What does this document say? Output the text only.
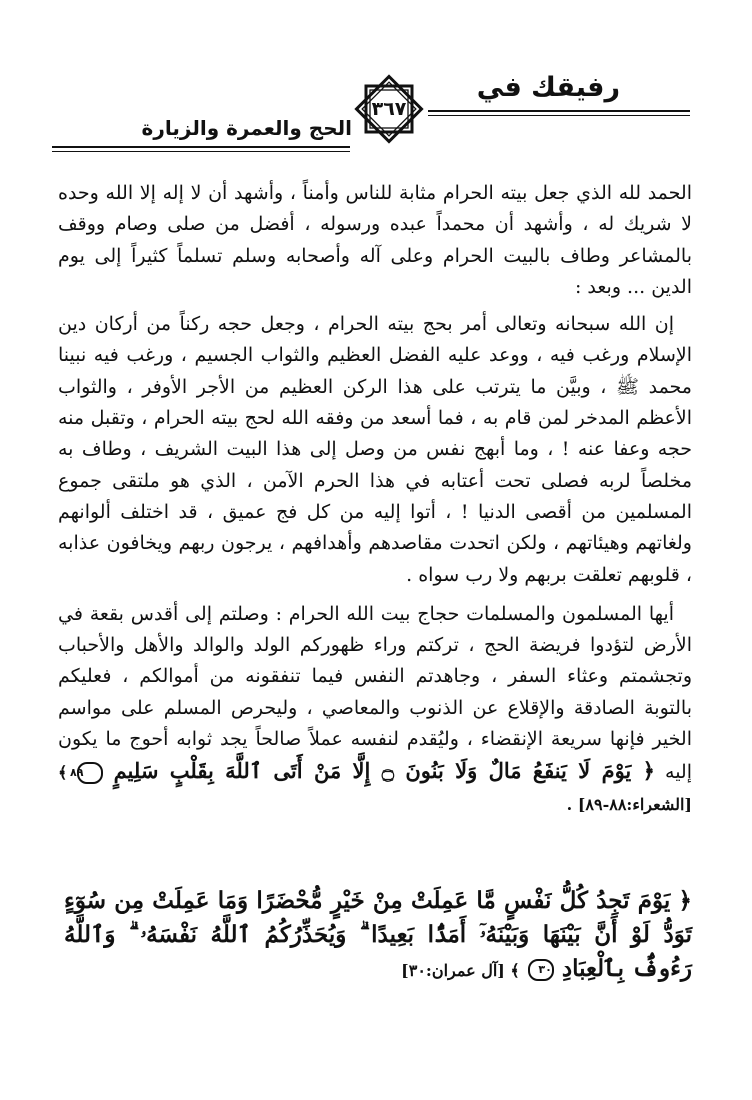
رفيقك في
الحج والعمرة والزيارة
٣٦٧

الحمد لله الذي جعل بيته الحرام مثابة للناس وأمناً ، وأشهد أن لا إله إلا الله وحده لا شريك له ، وأشهد أن محمداً عبده ورسوله ، أفضل من صلى وصام ووقف بالمشاعر وطاف بالبيت الحرام وعلى آله وأصحابه وسلم تسلماً كثيراً إلى يوم الدين ... وبعد :

إن الله سبحانه وتعالى أمر بحج بيته الحرام ، وجعل حجه ركناً من أركان دين الإسلام ورغب فيه ، ووعد عليه الفضل العظيم والثواب الجسيم ، ورغب فيه نبينا محمد ﷺ ، وبيَّن ما يترتب على هذا الركن العظيم من الأجر الأوفر ، والثواب الأعظم المدخر لمن قام به ، فما أسعد من وفقه الله لحج بيته الحرام ، وتقبل منه حجه وعفا عنه ! ، وما أبهج نفس من وصل إلى هذا البيت الشريف ، وطاف به مخلصاً لربه فصلى تحت أعتابه في هذا الحرم الآمن ، الذي هو ملتقى جموع المسلمين من أقصى الدنيا ! ، أتوا إليه من كل فج عميق ، قد اختلف ألوانهم ولغاتهم وهيئاتهم ، ولكن اتحدت مقاصدهم وأهدافهم ، يرجون ربهم ويخافون عذابه ، قلوبهم تعلقت بربهم ولا رب سواه .

أيها المسلمون والمسلمات حجاج بيت الله الحرام : وصلتم إلى أقدس بقعة في الأرض لتؤدوا فريضة الحج ، تركتم وراء ظهوركم الولد والوالد والأهل والأحباب وتجشمتم وعثاء السفر ، وجاهدتم النفس فيما تنفقونه من أموالكم ، فعليكم بالتوبة الصادقة والإقلاع عن الذنوب والمعاصي ، وليحرص المسلم على مواسم الخير فإنها سريعة الإنقضاء ، وليُقدم لنفسه عملاً صالحاً يجد ثوابه أحوج ما يكون إليه ﴿ يَوْمَ لَا يَنفَعُ مَالٌ وَلَا بَنُونَ ۝ إِلَّا مَنْ أَتَى ٱللَّهَ بِقَلْبٍ سَلِيمٍ ٨٩ ﴾ [الشعراء:٨٨-٨٩] .

﴿ يَوْمَ تَجِدُ كُلُّ نَفْسٍ مَّا عَمِلَتْ مِنْ خَيْرٍ مُّحْضَرًا وَمَا عَمِلَتْ مِن سُوٓءٍ تَوَدُّ لَوْ أَنَّ بَيْنَهَا وَبَيْنَهُۥٓ أَمَدًۢا بَعِيدًا ۗ وَيُحَذِّرُكُمُ ٱللَّهُ نَفْسَهُۥ ۗ وَٱللَّهُ رَءُوفٌۢ بِٱلْعِبَادِ ٣٠ ﴾ [آل عمران:٣٠]

٨٨
